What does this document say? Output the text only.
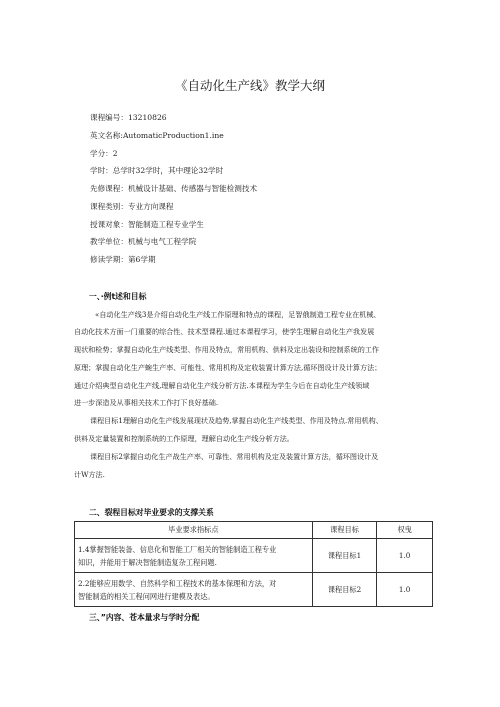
《自动化生产线》教学大纲
课程编号：13210826
英文名称:AutomaticProduction1.ine
学分：2
学时：总学时32学时，其中理论32学时
先修课程：机械设计基础、传感器与智能检测技术
课程类别：专业方向课程
授课对象：智能制造工程专业学生
教学单位：机械与电气工程学院
修读学期：第6学期
一、·例t述和目标
«自动化生产线3是介绍自动化生产线工作原理和特点的课程，足智俄制造工程专业在机械、
自动化技术方面一门重要的综合性、技术型课程.通过本课程学习，使学生理解自动化生产我发展
现状和检势；掌握自动化生产线类型、作用及特点，常用机构、供料及定出装设和控制系统的工作
原理；掌握自动化生产蜿生产率、可能性、常用机构及定收装置计算方法,循环图设计及计算方法；
通过介绍典型自动化生产线,理解自动化生产线分析方法.本课程为学生今后在自动化生产线领域
进一步深造及从事相关技术工作打下良好基础.
课程目标1理解自动化生产线发展现状及趋势,掌握自动化生产线类型、作用及特点.常用机构、
供料及定量装置和控制系统的工作原理，理解自动化生产线分析方法。
课程目标2掌握自动化生产战生产率、可靠性、常用机构及定及装置计算方法，循环图设计及
计W方法.
二、裂程目标对毕业要求的支撑关系
毕业要求指标点	课程目标	权曳

1.4掌握智能装备、信息化和智能工厂相关的智能制造工程专业
知识，并能用于解决智能制造复杂工程问题.	课程目标1	1.0

2.2能够应用数学、自然科学和工程技术的基本保理和方法，对
智能制造的相关工程问网进行建模及表达。	课程目标2	1.0
三、”内容、苍本量求与学时分配
